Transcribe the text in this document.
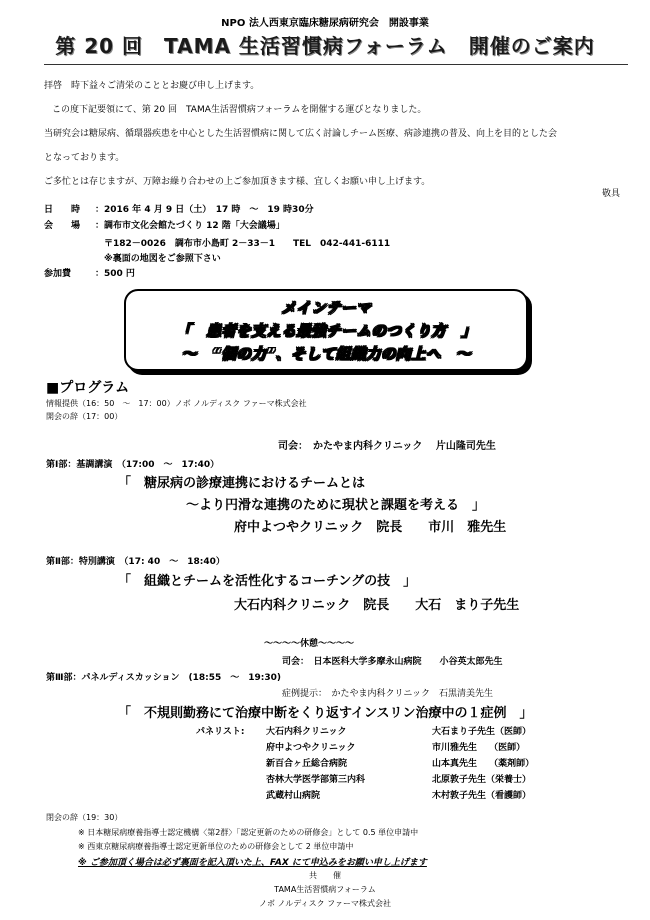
NPO 法人西東京臨床糖尿病研究会　開設事業
第 20 回　TAMA 生活習慣病フォーラム　開催のご案内
拝啓　時下益々ご清栄のこととお慶び申し上げます。
この度下記要領にて、第 20 回　TAMA生活習慣病フォーラムを開催する運びとなりました。
当研究会は糖尿病、循環器疾患を中心とした生活習慣病に関して広く討論しチーム医療、病診連携の普及、向上を目的とした会
となっております。
ご多忙とは存じますが、万障お繰り合わせの上ご参加頂きます様、宜しくお願い申し上げます。
敬具
日　　時 ：2016 年 4 月 9 日（土）　17 時　～　19 時30分
会　　場 ：調布市文化会館たづくり 12 階「大会議場」
〒182－0026　調布市小島町 2－33－1　　TEL　042-441-6111
※裏面の地図をご参照下さい
参加費	：500 円
メインテーマ
「　患者を支える最強チームのつくり方　」
～　“個の力”、そして組織力の向上へ　～
■プログラム
情報提供（16：50　～　17：00）ノボ ノルディスク ファーマ株式会社
開会の辞（17：00）
司会：　かたやま内科クリニック　 片山隆司先生
第Ⅰ部：基調講演　（17:00　～　17:40）
「　糖尿病の診療連携におけるチームとは
～より円滑な連携のために現状と課題を考える　」
府中よつやクリニック　院長　　市川　雅先生
第Ⅱ部：特別講演　（17: 40　～　18:40）
「　組織とチームを活性化するコーチングの技　」
大石内科クリニック　院長　　大石　まり子先生
～～～～休憩～～～～
司会：　日本医科大学多摩永山病院　　小谷英太郎先生
第Ⅲ部：パネルディスカッション　(18:55　～　19:30)
症例提示：　かたやま内科クリニック　石黒清美先生
「　不規則勤務にて治療中断をくり返すインスリン治療中の１症例　」
パネリスト: 大石内科クリニック
府中よつやクリニック
新百合ヶ丘総合病院
杏林大学医学部第三内科
武蔵村山病院
大石まり子先生（医師）
市川雅先生　 （医師）
山本真先生　 （薬剤師）
北原敦子先生（栄養士）
木村敦子先生（看護師）
閉会の辞（19：30）
※ 日本糖尿病療養指導士認定機構〈第2群〉「認定更新のための研修会」として 0.5 単位申請中
※ 西東京糖尿病療養指導士認定更新単位のための研修会として 2 単位申請中
※ ご参加頂く場合は必ず裏面を記入頂いた上、FAX にて申込みをお願い申し上げます
共　　催
TAMA生活習慣病フォーラム
ノボ ノルディスク ファーマ株式会社
